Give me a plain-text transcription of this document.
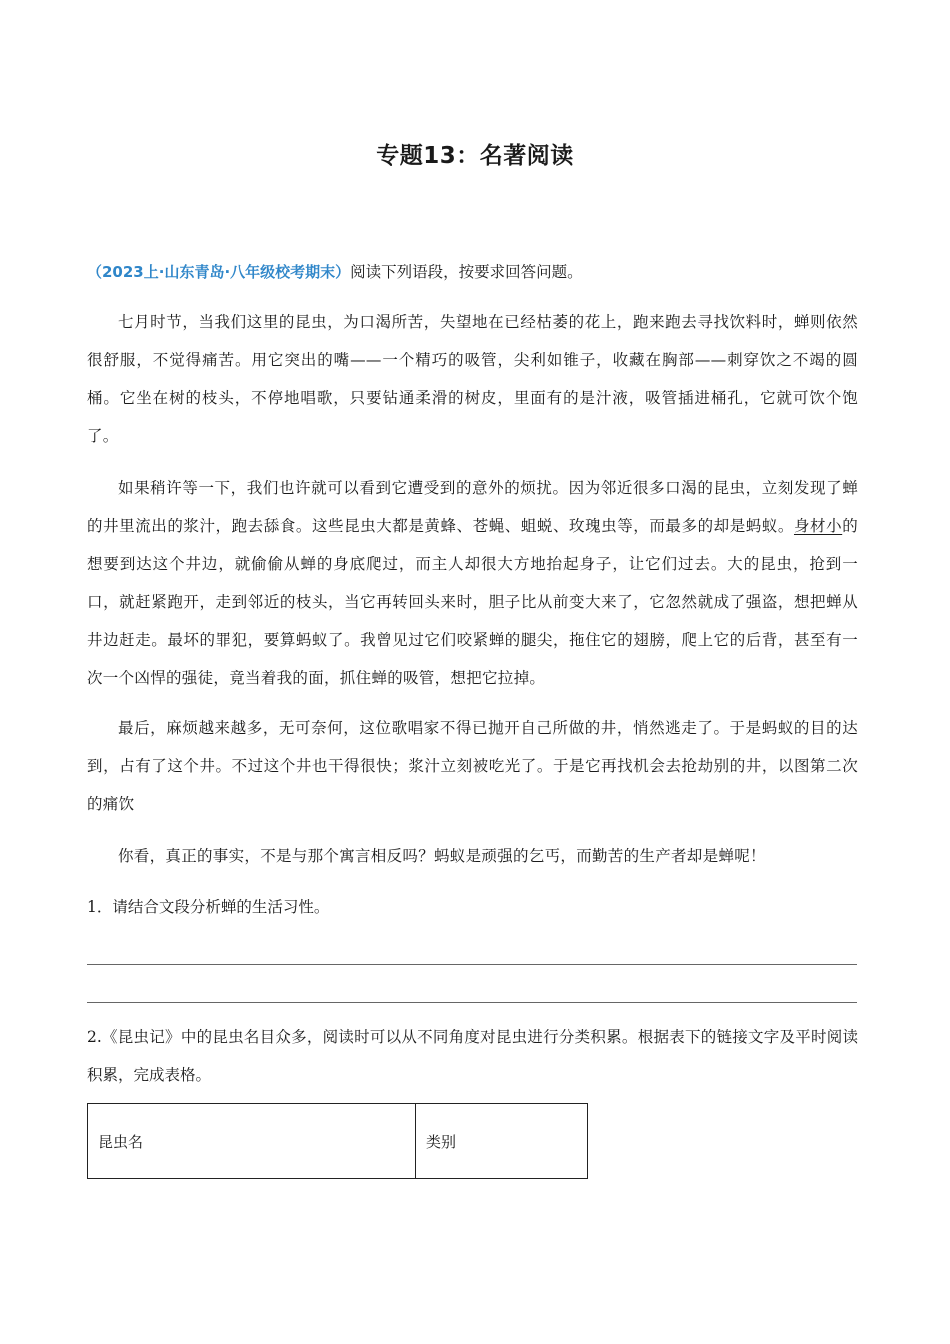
专题13：名著阅读
（2023上·山东青岛·八年级校考期末）阅读下列语段，按要求回答问题。

七月时节，当我们这里的昆虫，为口渴所苦，失望地在已经枯萎的花上，跑来跑去寻找饮料时，蝉则依然很舒服，不觉得痛苦。用它突出的嘴——一个精巧的吸管，尖利如锥子，收藏在胸部——刺穿饮之不竭的圆桶。它坐在树的枝头，不停地唱歌，只要钻通柔滑的树皮，里面有的是汁液，吸管插进桶孔，它就可饮个饱了。

如果稍许等一下，我们也许就可以看到它遭受到的意外的烦扰。因为邻近很多口渴的昆虫，立刻发现了蝉的井里流出的浆汁，跑去舔食。这些昆虫大都是黄蜂、苍蝇、蛆蜕、玫瑰虫等，而最多的却是蚂蚁。身材小的想要到达这个井边，就偷偷从蝉的身底爬过，而主人却很大方地抬起身子，让它们过去。大的昆虫，抢到一口，就赶紧跑开，走到邻近的枝头，当它再转回头来时，胆子比从前变大来了，它忽然就成了强盗，想把蝉从井边赶走。最坏的罪犯，要算蚂蚁了。我曾见过它们咬紧蝉的腿尖，拖住它的翅膀，爬上它的后背，甚至有一次一个凶悍的强徒，竟当着我的面，抓住蝉的吸管，想把它拉掉。

最后，麻烦越来越多，无可奈何，这位歌唱家不得已抛开自己所做的井，悄然逃走了。于是蚂蚁的目的达到，占有了这个井。不过这个井也干得很快；浆汁立刻被吃光了。于是它再找机会去抢劫别的井，以图第二次的痛饮

你看，真正的事实，不是与那个寓言相反吗？蚂蚁是顽强的乞丐，而勤苦的生产者却是蝉呢！

1．请结合文段分析蝉的生活习性。

2.《昆虫记》中的昆虫名目众多，阅读时可以从不同角度对昆虫进行分类积累。根据表下的链接文字及平时阅读积累，完成表格。

昆虫名	类别
